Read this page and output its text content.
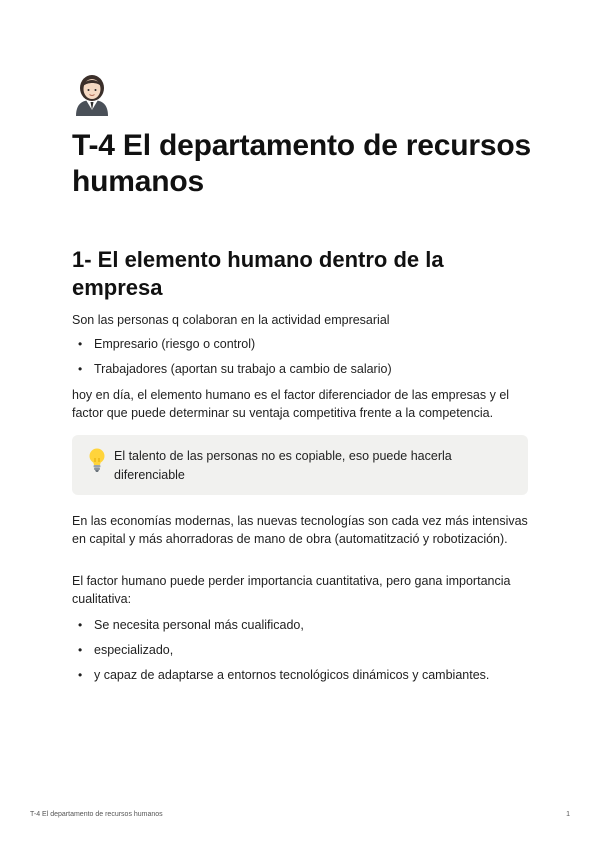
T-4 El departamento de recursos humanos
1- El elemento humano dentro de la empresa
Son las personas q colaboran en la actividad empresarial
• Empresario (riesgo o control)
• Trabajadores (aportan su trabajo a cambio de salario)
hoy en día, el elemento humano es el factor diferenciador de las empresas y el factor que puede determinar su ventaja competitiva frente a la competencia.
El talento de las personas no es copiable, eso puede hacerla diferenciable
En las economías modernas, las nuevas tecnologías son cada vez más intensivas en capital y más ahorradoras de mano de obra (automatització y robotización).
El factor humano puede perder importancia cuantitativa, pero gana importancia cualitativa:
• Se necesita personal más cualificado,
• especializado,
• y capaz de adaptarse a entornos tecnológicos dinámicos y cambiantes.
T-4 El departamento de recursos humanos	1
